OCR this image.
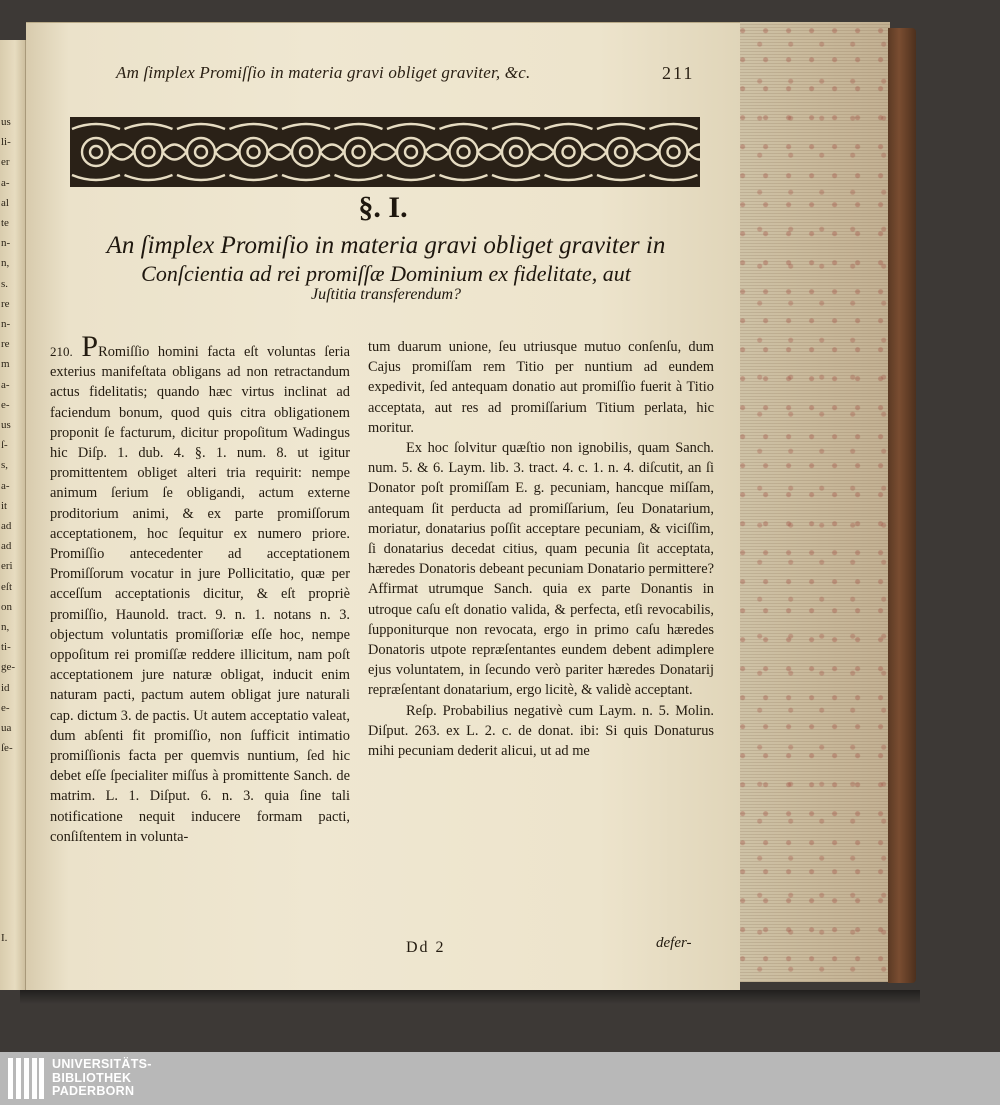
us
li-
er
a-
al
te
n-
n,
s.
re
n-
re
m
a-
e-
us
ſ-
s,
a-
it
ad
ad
eri
eſt
on
n,
ti-
ge-
id
e-
ua
ſe-
I.
Am ſimplex Promiſſio in materia gravi obliget graviter, &c.	211
§. I.
An ſimplex Promiſio in materia gravi obliget graviter in
Conſcientia ad rei promiſſæ Dominium ex fidelitate, aut
Juſtitia transferendum?

210. PRomiſſio homini facta eſt voluntas ſeria exterius manifeſtata obligans ad non retractandum actus fidelitatis; quando hæc virtus inclinat ad faciendum bonum, quod quis citra obligationem proponit ſe facturum, dicitur propoſitum Wadingus hic Diſp. 1. dub. 4. §. 1. num. 8. ut igitur promittentem obliget alteri tria requirit: nempe animum ſerium ſe obligandi, actum externe proditorium animi, & ex parte promiſſorum acceptationem, hoc ſequitur ex numero priore. Promiſſio antecedenter ad acceptationem Promiſſorum vocatur in jure Pollicitatio, quæ per acceſſum acceptationis dicitur, & eſt propriè promiſſio, Haunold. tract. 9. n. 1. notans n. 3. objectum voluntatis promiſſoriæ eſſe hoc, nempe oppoſitum rei promiſſæ reddere illicitum, nam poſt acceptationem jure naturæ obligat, inducit enim naturam pacti, pactum autem obligat jure naturali cap. dictum 3. de pactis. Ut autem acceptatio valeat, dum abſenti fit promiſſio, non ſufficit intimatio promiſſionis facta per quemvis nuntium, ſed hic debet eſſe ſpecialiter miſſus à promittente Sanch. de matrim. L. 1. Diſput. 6. n. 3. quia ſine tali notificatione nequit inducere formam pacti, conſiſtentem in volunta-

tum duarum unione, ſeu utriusque mutuo conſenſu, dum Cajus promiſſam rem Titio per nuntium ad eundem expedivit, ſed antequam donatio aut promiſſio fuerit à Titio acceptata, aut res ad promiſſarium Titium perlata, hic moritur.

Ex hoc ſolvitur quæſtio non ignobilis, quam Sanch. num. 5. & 6. Laym. lib. 3. tract. 4. c. 1. n. 4. diſcutit, an ſi Donator poſt promiſſam E. g. pecuniam, hancque miſſam, antequam ſit perducta ad promiſſarium, ſeu Donatarium, moriatur, donatarius poſſit acceptare pecuniam, & viciſſim, ſi donatarius decedat citius, quam pecunia ſit acceptata, hæredes Donatoris debeant pecuniam Donatario permittere? Affirmat utrumque Sanch. quia ex parte Donantis in utroque caſu eſt donatio valida, & perfecta, etſi revocabilis, ſupponiturque non revocata, ergo in primo caſu hæredes Donatoris utpote repræſentantes eundem debent adimplere ejus voluntatem, in ſecundo verò pariter hæredes Donatarij repræſentant donatarium, ergo licitè, & validè acceptant.

Reſp. Probabilius negativè cum Laym. n. 5. Molin. Diſput. 263. ex L. 2. c. de donat. ibi: Si quis Donaturus mihi pecuniam dederit alicui, ut ad me

Dd 2	defer-
UNIVERSITÄTS-
BIBLIOTHEK
PADERBORN
